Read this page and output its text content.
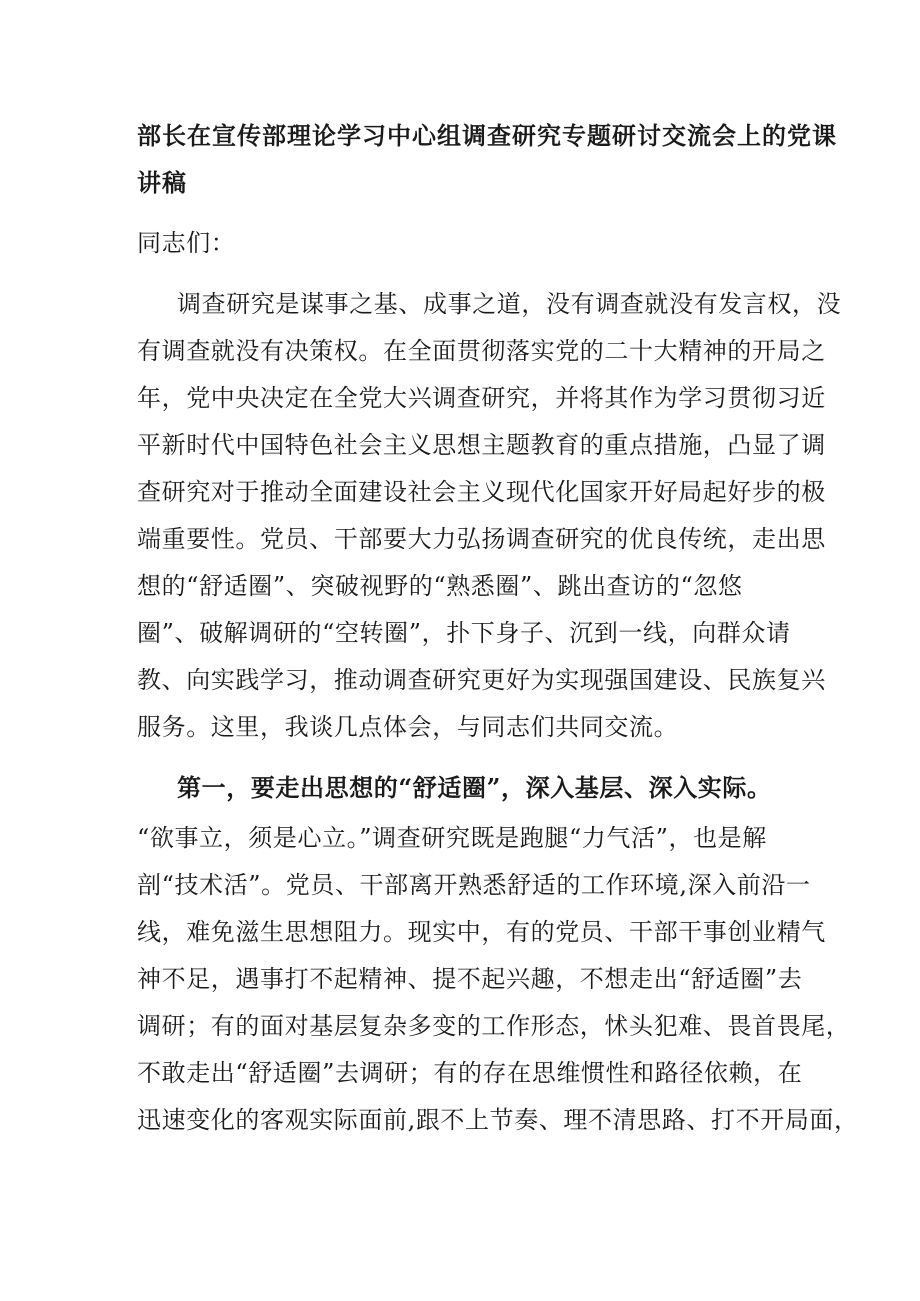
部长在宣传部理论学习中心组调查研究专题研讨交流会上的党课
讲稿
同志们：
调查研究是谋事之基、成事之道，没有调查就没有发言权，没
有调查就没有决策权。在全面贯彻落实党的二十大精神的开局之
年，党中央决定在全党大兴调查研究，并将其作为学习贯彻习近
平新时代中国特色社会主义思想主题教育的重点措施，凸显了调
查研究对于推动全面建设社会主义现代化国家开好局起好步的极
端重要性。党员、干部要大力弘扬调查研究的优良传统，走出思
想的“舒适圈”、突破视野的“熟悉圈”、跳出查访的“忽悠
圈”、破解调研的“空转圈”，扑下身子、沉到一线，向群众请
教、向实践学习，推动调查研究更好为实现强国建设、民族复兴
服务。这里，我谈几点体会，与同志们共同交流。
第一，要走出思想的“舒适圈”，深入基层、深入实际。
“欲事立，须是心立。”调查研究既是跑腿“力气活”，也是解
剖“技术活”。党员、干部离开熟悉舒适的工作环境,深入前沿一
线，难免滋生思想阻力。现实中，有的党员、干部干事创业精气
神不足，遇事打不起精神、提不起兴趣，不想走出“舒适圈”去
调研；有的面对基层复杂多变的工作形态，怵头犯难、畏首畏尾，
不敢走出“舒适圈”去调研；有的存在思维惯性和路径依赖，在
迅速变化的客观实际面前,跟不上节奏、理不清思路、打不开局面，
